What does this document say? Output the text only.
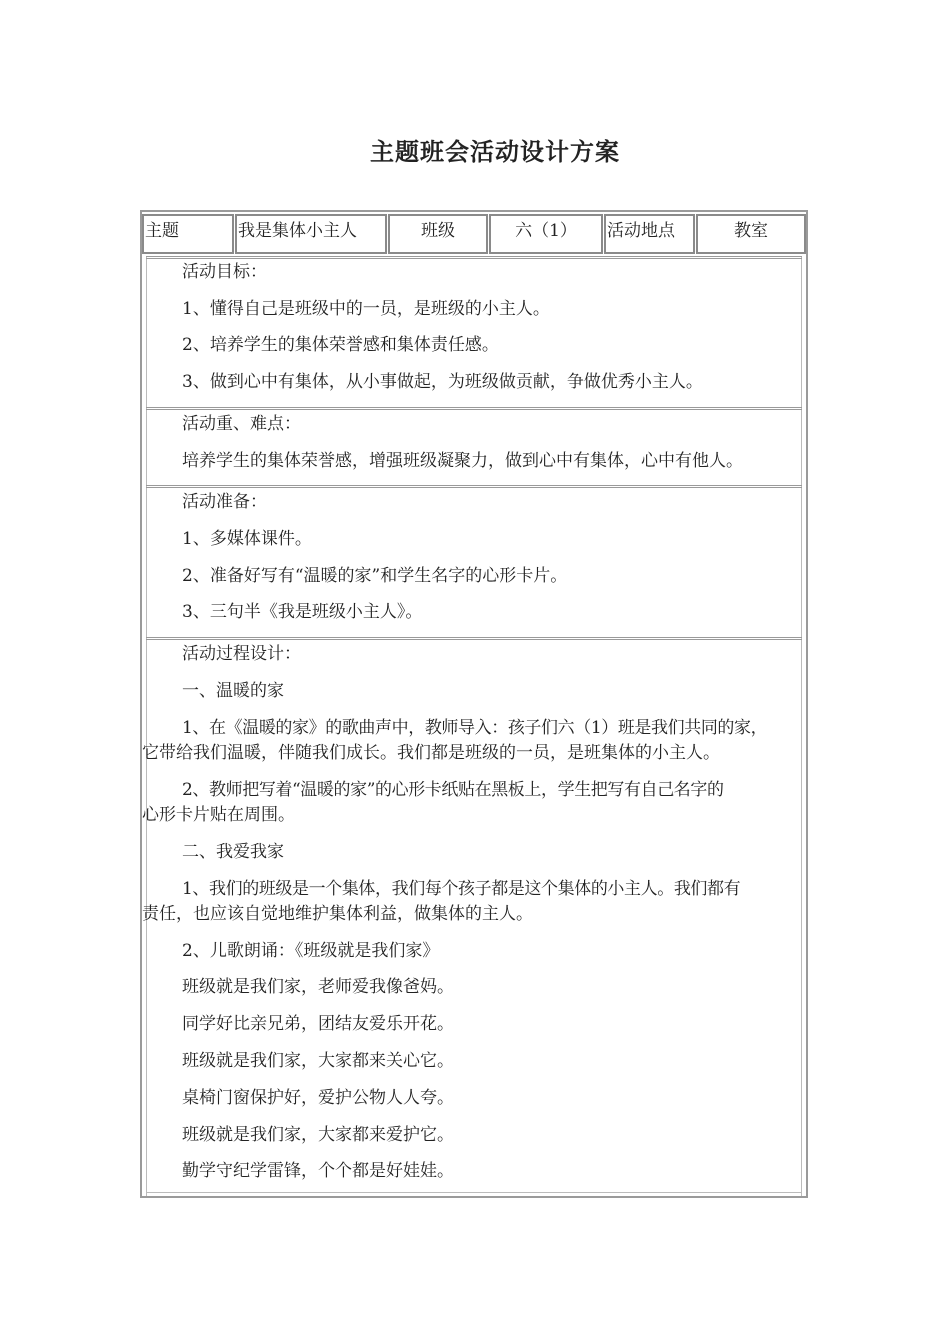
主题班会活动设计方案
主题	我是集体小主人	班级	六（1）	活动地点	教室
活动目标：
1、懂得自己是班级中的一员，是班级的小主人。
2、培养学生的集体荣誉感和集体责任感。
3、做到心中有集体，从小事做起，为班级做贡献，争做优秀小主人。
活动重、难点：
培养学生的集体荣誉感，增强班级凝聚力，做到心中有集体，心中有他人。
活动准备：
1、多媒体课件。
2、准备好写有“温暖的家”和学生名字的心形卡片。
3、三句半《我是班级小主人》。
活动过程设计：
一、温暖的家
1、在《温暖的家》的歌曲声中，教师导入：孩子们六（1）班是我们共同的家，
它带给我们温暖，伴随我们成长。我们都是班级的一员，是班集体的小主人。
2、教师把写着“温暖的家”的心形卡纸贴在黑板上，学生把写有自己名字的
心形卡片贴在周围。
二、我爱我家
1、我们的班级是一个集体，我们每个孩子都是这个集体的小主人。我们都有
责任，也应该自觉地维护集体利益，做集体的主人。
2、儿歌朗诵：《班级就是我们家》
班级就是我们家，老师爱我像爸妈。
同学好比亲兄弟，团结友爱乐开花。
班级就是我们家，大家都来关心它。
桌椅门窗保护好，爱护公物人人夸。
班级就是我们家，大家都来爱护它。
勤学守纪学雷锋，个个都是好娃娃。
